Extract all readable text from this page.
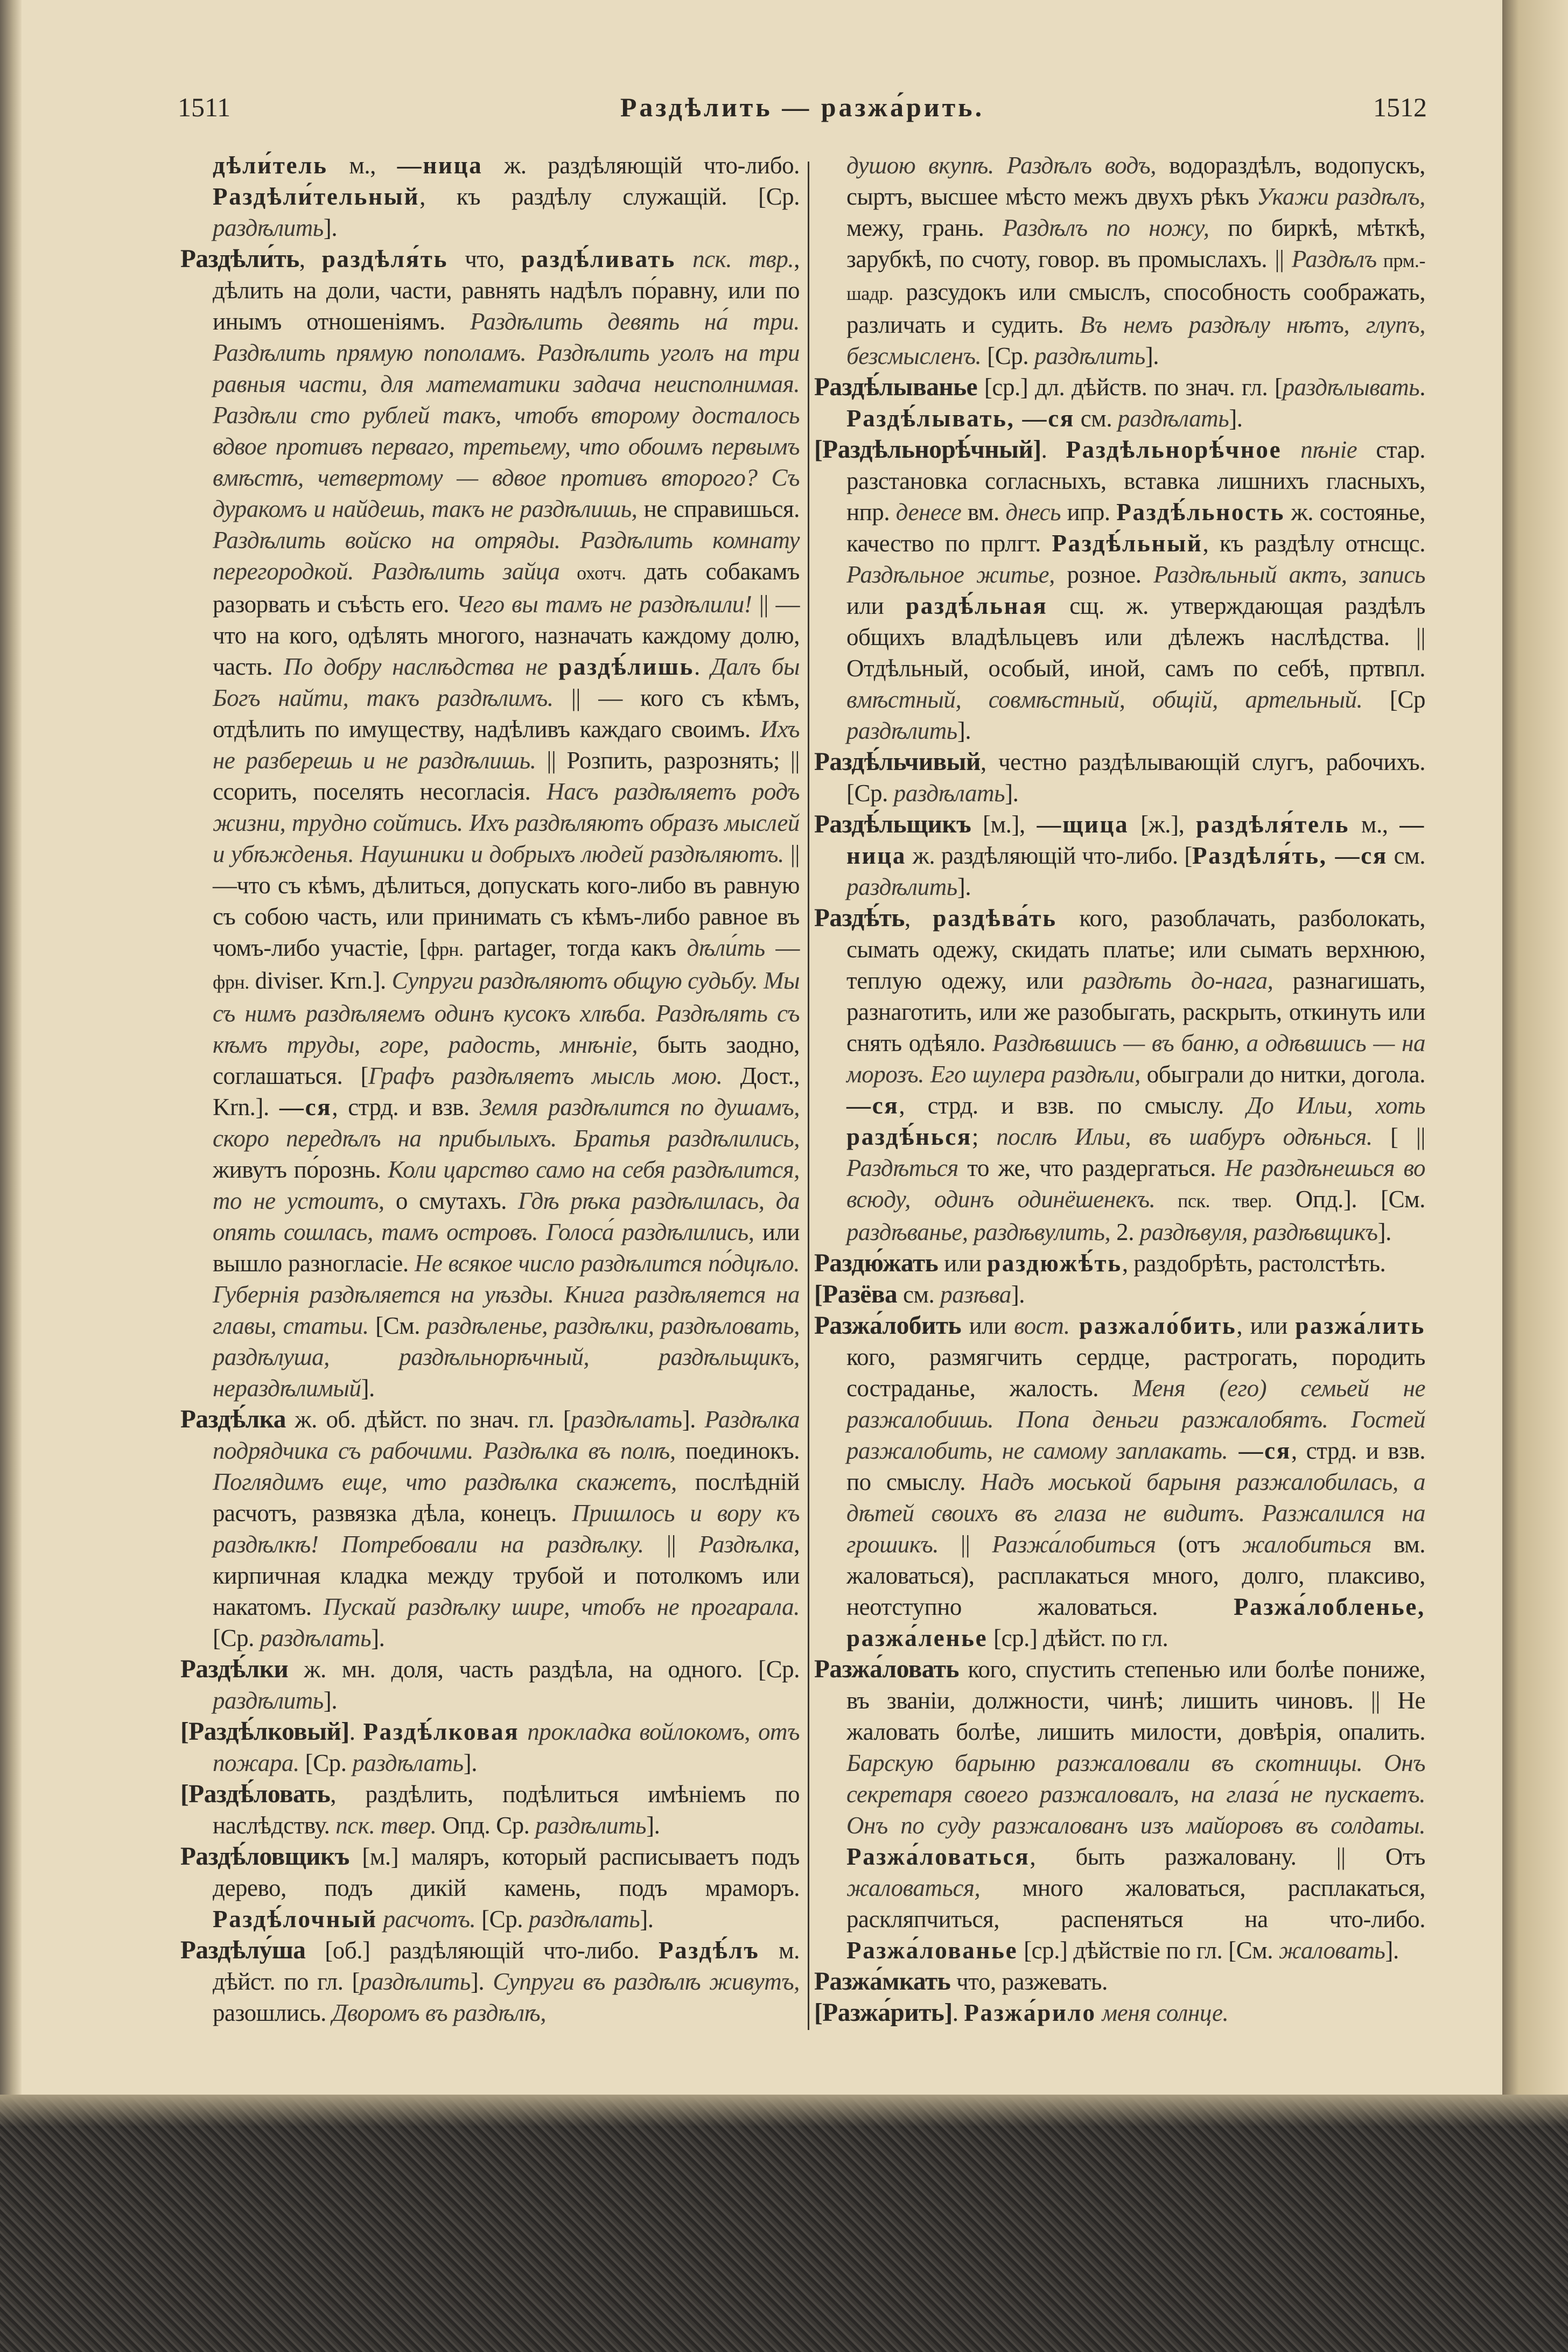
1511	Раздѣлить — разжа́рить.	1512
дѣли́тель м., —ница ж. раздѣляющій что-либо. Раздѣли́тельный, къ раздѣлу служащій. [Ср. раздѣлить].
Раздѣли́ть, раздѣля́ть что, раздѣ́ливать пск. твр., дѣлить на доли, части, равнять надѣлъ по́равну, или по инымъ отношеніямъ. Раздѣлить девять на́ три. Раздѣлить прямую пополамъ. Раздѣлить уголъ на три равныя части, для математики задача неисполнимая. Раздѣли сто рублей такъ, чтобъ второму досталось вдвое противъ перваго, третьему, что обоимъ первымъ вмѣстѣ, четвертому — вдвое противъ второго? Съ дуракомъ и найдешь, такъ не раздѣлишь, не справишься. Раздѣлить войско на отряды. Раздѣлить комнату перегородкой. Раздѣлить зайца охотч. дать собакамъ разорвать и съѣсть его. Чего вы тамъ не раздѣлили! || — что на кого, одѣлять многого, назначать каждому долю, часть. По добру наслѣдства не раздѣ́лишь. Далъ бы Богъ найти, такъ раздѣлимъ. || — кого съ кѣмъ, отдѣлить по имуществу, надѣливъ каждаго своимъ. Ихъ не разберешь и не раздѣлишь. || Розпить, разрознять; || ссорить, поселять несогласія. Насъ раздѣляетъ родъ жизни, трудно сойтись. Ихъ раздѣляютъ образъ мыслей и убѣжденья. Наушники и добрыхъ людей раздѣляютъ. || —что съ кѣмъ, дѣлиться, допускать кого-либо въ равную съ собою часть, или принимать съ кѣмъ-либо равное въ чомъ-либо участіе, [фрн. partager, тогда какъ дѣли́ть — фрн. diviser. Krn.]. Супруги раздѣляютъ общую судьбу. Мы съ нимъ раздѣляемъ одинъ кусокъ хлѣба. Раздѣлять съ кѣмъ труды, горе, радость, мнѣніе, быть заодно, соглашаться. [Графъ раздѣляетъ мысль мою. Дост., Krn.]. —ся, стрд. и взв. Земля раздѣлится по душамъ, скоро передѣлъ на прибылыхъ. Братья раздѣлились, живутъ по́рознь. Коли царство само на себя раздѣлится, то не устоитъ, о смутахъ. Гдѣ рѣка раздѣлилась, да опять сошлась, тамъ островъ. Голоса́ раздѣлились, или вышло разногласіе. Не всякое число раздѣлится по́дцѣло. Губернія раздѣляется на уѣзды. Книга раздѣляется на главы, статьи. [См. раздѣленье, раздѣлки, раздѣловать, раздѣлуша, раздѣльнорѣчный, раздѣльщикъ, нераздѣлимый].
Раздѣ́лка ж. об. дѣйст. по знач. гл. [раздѣлать]. Раздѣлка подрядчика съ рабочими. Раздѣлка въ полѣ, поединокъ. Поглядимъ еще, что раздѣлка скажетъ, послѣдній расчотъ, развязка дѣла, конецъ. Пришлось и вору къ раздѣлкѣ! Потребовали на раздѣлку. || Раздѣлка, кирпичная кладка между трубой и потолкомъ или накатомъ. Пускай раздѣлку шире, чтобъ не прогарала. [Ср. раздѣлать].
Раздѣ́лки ж. мн. доля, часть раздѣла, на одного. [Ср. раздѣлить].
[Раздѣ́лковый]. Раздѣ́лковая прокладка войлокомъ, отъ пожара. [Ср. раздѣлать].
[Раздѣ́ловать, раздѣлить, подѣлиться имѣніемъ по наслѣдству. пск. твер. Опд. Ср. раздѣлить].
Раздѣ́ловщикъ [м.] маляръ, который расписываетъ подъ дерево, подъ дикій камень, подъ мраморъ. Раздѣ́лочный расчотъ. [Ср. раздѣлать].
Раздѣлу́ша [об.] раздѣляющій что-либо. Раздѣ́лъ м. дѣйст. по гл. [раздѣлить]. Супруги въ раздѣлѣ живутъ, разошлись. Дворомъ въ раздѣлѣ,
душою вкупѣ. Раздѣлъ водъ, водораздѣлъ, водопускъ, сыртъ, высшее мѣсто межъ двухъ рѣкъ Укажи раздѣлъ, межу, грань. Раздѣлъ по ножу, по биркѣ, мѣткѣ, зарубкѣ, по счоту, говор. въ промыслахъ. || Раздѣлъ прм.-шадр. разсудокъ или смыслъ, способность соображать, различать и судить. Въ немъ раздѣлу нѣтъ, глупъ, безсмысленъ. [Ср. раздѣлить].
Раздѣ́лыванье [ср.] дл. дѣйств. по знач. гл. [раздѣлывать. Раздѣ́лывать, —ся см. раздѣлать].
[Раздѣльнорѣ́чный]. Раздѣльнорѣ́чное пѣніе стар. разстановка согласныхъ, вставка лишнихъ гласныхъ, нпр. денесе вм. днесь ипр. Раздѣ́льность ж. состоянье, качество по прлгт. Раздѣ́льный, къ раздѣлу отнсщс. Раздѣльное житье, розное. Раздѣльный актъ, запись или раздѣ́льная сщ. ж. утверждающая раздѣлъ общихъ владѣльцевъ или дѣлежъ наслѣдства. || Отдѣльный, особый, иной, самъ по себѣ, пртвпл. вмѣстный, совмѣстный, общій, артельный. [Ср раздѣлить].
Раздѣ́льчивый, честно раздѣлывающій слугъ, рабочихъ. [Ср. раздѣлать].
Раздѣ́льщикъ [м.], —щица [ж.], раздѣля́тель м., —ница ж. раздѣляющій что-либо. [Раздѣля́ть, —ся см. раздѣлить].
Раздѣ́ть, раздѣва́ть кого, разоблачать, разболокать, сымать одежу, скидать платье; или сымать верхнюю, теплую одежу, или раздѣть до-нага, разнагишать, разнаготить, или же разобыгать, раскрыть, откинуть или снять одѣяло. Раздѣвшись — въ баню, а одѣвшись — на морозъ. Его шулера раздѣли, обыграли до нитки, догола. —ся, стрд. и взв. по смыслу. До Ильи, хоть раздѣ́нься; послѣ Ильи, въ шабуръ одѣнься. [ || Раздѣться то же, что раздергаться. Не раздѣнешься во всюду, одинъ одинёшенекъ. пск. твер. Опд.]. [См. раздѣванье, раздѣвулить, 2. раздѣвуля, раздѣвщикъ].
Раздю́жать или раздюжѣ́ть, раздобрѣть, растолстѣть.
[Разёва см. разѣва].
Разжа́лобить или вост. разжало́бить, или разжа́лить кого, размягчить сердце, растрогать, породить состраданье, жалость. Меня (его) семьей не разжалобишь. Попа деньги разжалобятъ. Гостей разжалобить, не самому заплакать. —ся, стрд. и взв. по смыслу. Надъ моськой барыня разжалобилась, а дѣтей своихъ въ глаза не видитъ. Разжалился на грошикъ. || Разжа́лобиться (отъ жалобиться вм. жаловаться), расплакаться много, долго, плаксиво, неотступно жаловаться. Разжа́лобленье, разжа́ленье [ср.] дѣйст. по гл.
Разжа́ловать кого, спустить степенью или болѣе пониже, въ званіи, должности, чинѣ; лишить чиновъ. || Не жаловать болѣе, лишить милости, довѣрія, опалить. Барскую барыню разжаловали въ скотницы. Онъ секретаря своего разжаловалъ, на глаза́ не пускаетъ. Онъ по суду разжалованъ изъ майоровъ въ солдаты. Разжа́ловаться, быть разжаловану. || Отъ жаловаться, много жаловаться, расплакаться, раскляпчиться, распеняться на что-либо. Разжа́лованье [ср.] дѣйствіе по гл. [См. жаловать].
Разжа́мкать что, разжевать.
[Разжа́рить]. Разжа́рило меня солнце.
